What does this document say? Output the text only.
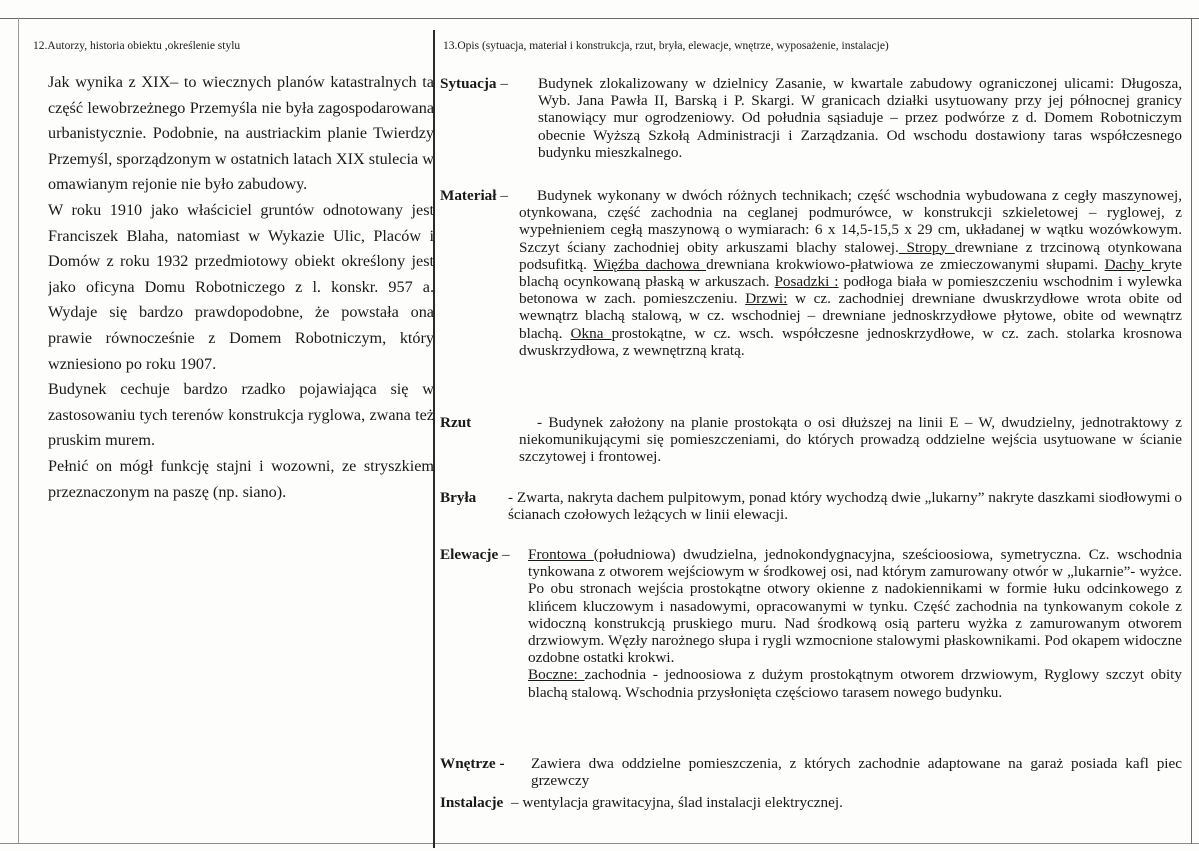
12.Autorzy, historia obiektu ,określenie stylu	13.Opis (sytuacja, materiał i konstrukcja, rzut, bryła, elewacje, wnętrze, wyposażenie, instalacje)

Jak wynika z XIX– to wiecznych planów katastralnych ta część lewobrzeżnego Przemyśla nie była zagospodarowana urbanistycznie. Podobnie, na austriackim planie Twierdzy Przemyśl, sporządzonym w ostatnich latach XIX stulecia w omawianym rejonie nie było zabudowy.

W roku 1910 jako właściciel gruntów odnotowany jest Franciszek Blaha, natomiast w Wykazie Ulic, Placów i Domów z roku 1932 przedmiotowy obiekt określony jest jako oficyna Domu Robotniczego z l. konskr. 957 a. Wydaje się bardzo prawdopodobne, że powstała ona prawie równocześnie z Domem Robotniczym, który wzniesiono po roku 1907.

Budynek cechuje bardzo rzadko pojawiająca się w zastosowaniu tych terenów konstrukcja ryglowa, zwana też pruskim murem.

Pełnić on mógł funkcję stajni i wozowni, ze stryszkiem przeznaczonym na paszę (np. siano).

Sytuacja – Budynek zlokalizowany w dzielnicy Zasanie, w kwartale zabudowy ograniczonej ulicami: Długosza, Wyb. Jana Pawła II, Barską i P. Skargi. W granicach działki usytuowany przy jej północnej granicy stanowiący mur ogrodzeniowy. Od południa sąsiaduje – przez podwórze z d. Domem Robotniczym obecnie Wyższą Szkołą Administracji i Zarządzania. Od wschodu dostawiony taras współczesnego budynku mieszkalnego.
Materiał –	Budynek wykonany w dwóch różnych technikach; część wschodnia wybudowana z cegły maszynowej, otynkowana, część zachodnia na ceglanej podmurówce, w konstrukcji szkieletowej – ryglowej, z wypełnieniem cegłą maszynową o wymiarach: 6 x 14,5-15,5 x 29 cm, układanej w wątku wozówkowym. Szczyt ściany zachodniej obity arkuszami blachy stalowej. Stropy drewniane z trzcinową otynkowana podsufitką. Więźba dachowa drewniana krokwiowo-płatwiowa ze zmieczowanymi słupami. Dachy kryte blachą ocynkowaną płaską w arkuszach. Posadzki : podłoga biała w pomieszczeniu wschodnim i wylewka betonowa w zach. pomieszczeniu. Drzwi: w cz. zachodniej drewniane dwuskrzydłowe wrota obite od wewnątrz blachą stalową, w cz. wschodniej – drewniane jednoskrzydłowe płytowe, obite od wewnątrz blachą. Okna prostokątne, w cz. wsch. współczesne jednoskrzydłowe, w cz. zach. stolarka krosnowa dwuskrzydłowa, z wewnętrzną kratą.
Rzut	- Budynek założony na planie prostokąta o osi dłuższej na linii E – W, dwudzielny, jednotraktowy z niekomunikującymi się pomieszczeniami, do których prowadzą oddzielne wejścia usytuowane w ścianie szczytowej i frontowej.
Bryła - Zwarta, nakryta dachem pulpitowym, ponad który wychodzą dwie „lukarny” nakryte daszkami siodłowymi o ścianach czołowych leżących w linii elewacji.
Elewacje – Frontowa (południowa) dwudzielna, jednokondygnacyjna, sześcioosiowa, symetryczna. Cz. wschodnia tynkowana z otworem wejściowym w środkowej osi, nad którym zamurowany otwór w „lukarnie”- wyżce. Po obu stronach wejścia prostokątne otwory okienne z nadokiennikami w formie łuku odcinkowego z klińcem kluczowym i nasadowymi, opracowanymi w tynku. Część zachodnia na tynkowanym cokole z widoczną konstrukcją pruskiego muru. Nad środkową osią parteru wyżka z zamurowanym otworem drzwiowym. Węzły narożnego słupa i rygli wzmocnione stalowymi płaskownikami. Pod okapem widoczne ozdobne ostatki krokwi.
Boczne: zachodnia - jednoosiowa z dużym prostokątnym otworem drzwiowym, Ryglowy szczyt obity blachą stalową. Wschodnia przysłonięta częściowo tarasem nowego budynku.
Wnętrze - Zawiera dwa oddzielne pomieszczenia, z których zachodnie adaptowane na garaż posiada kafl piec grzewczy
Instalacje – wentylacja grawitacyjna, ślad instalacji elektrycznej.
